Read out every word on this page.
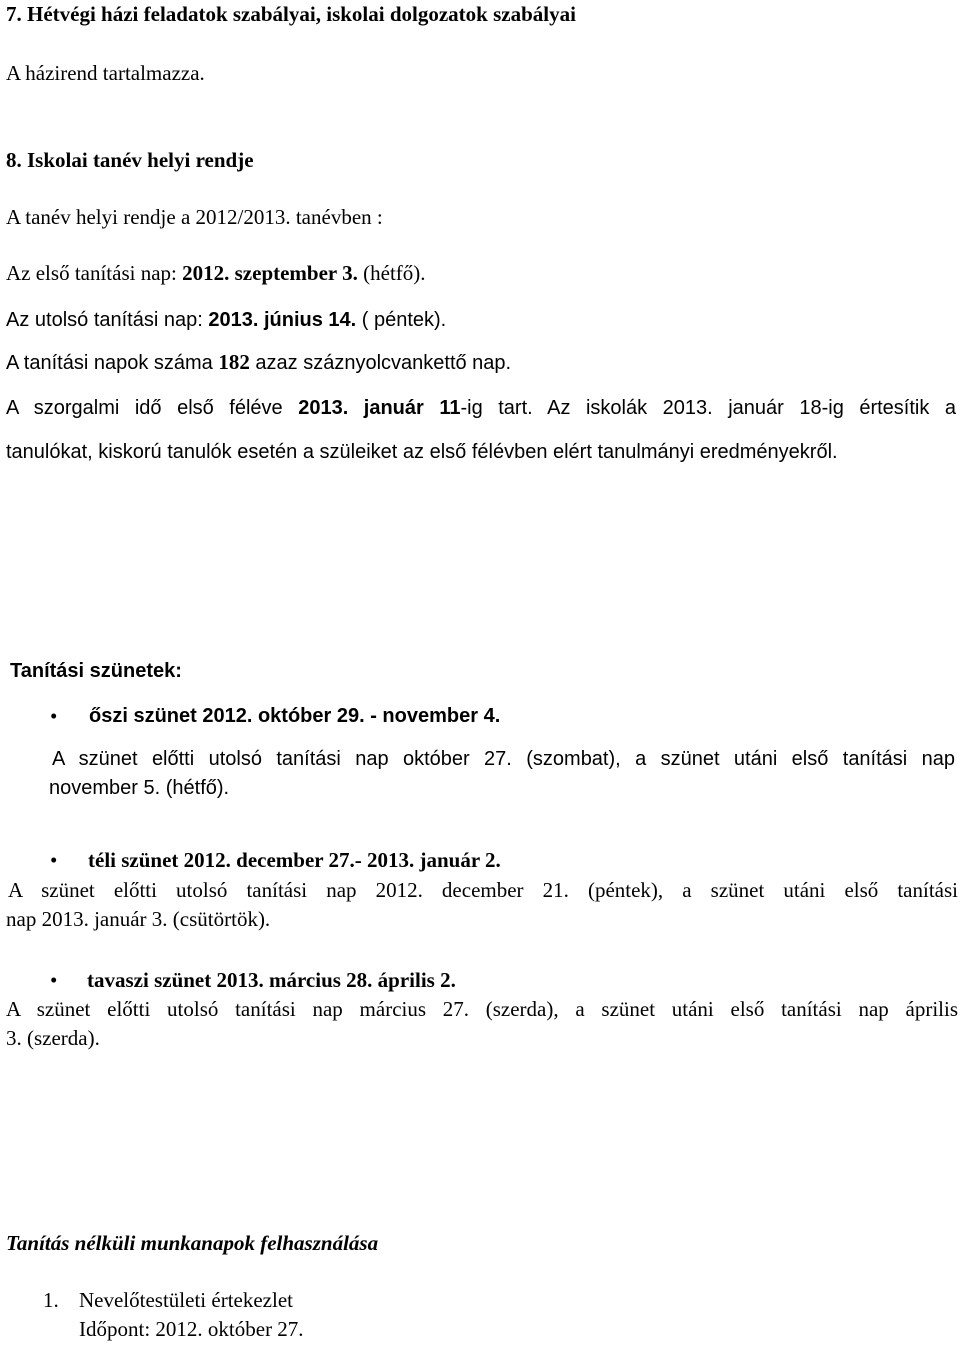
7. Hétvégi házi feladatok szabályai, iskolai dolgozatok szabályai
A házirend tartalmazza.
8. Iskolai tanév helyi rendje
A tanév helyi rendje a 2012/2013. tanévben :
Az első tanítási nap: 2012. szeptember 3. (hétfő).
Az utolsó tanítási nap: 2013. június 14. ( péntek).
A tanítási napok száma 182 azaz száznyolcvankettő nap.
A szorgalmi idő első féléve 2013. január 11-ig tart. Az iskolák 2013. január 18-ig értesítik a
tanulókat, kiskorú tanulók esetén a szüleiket az első félévben elért tanulmányi eredményekről.
Tanítási szünetek:
• őszi szünet 2012. október 29. - november 4.
A szünet előtti utolsó tanítási nap október 27. (szombat), a szünet utáni első tanítási nap
november 5. (hétfő).
• téli szünet 2012. december 27.- 2013. január 2.
A szünet előtti utolsó tanítási nap 2012. december 21. (péntek), a szünet utáni első tanítási
nap 2013. január 3. (csütörtök).
• tavaszi szünet 2013. március 28. április 2.
A szünet előtti utolsó tanítási nap március 27. (szerda), a szünet utáni első tanítási nap április
3. (szerda).
Tanítás nélküli munkanapok felhasználása
1. Nevelőtestületi értekezlet
Időpont: 2012. október 27.
